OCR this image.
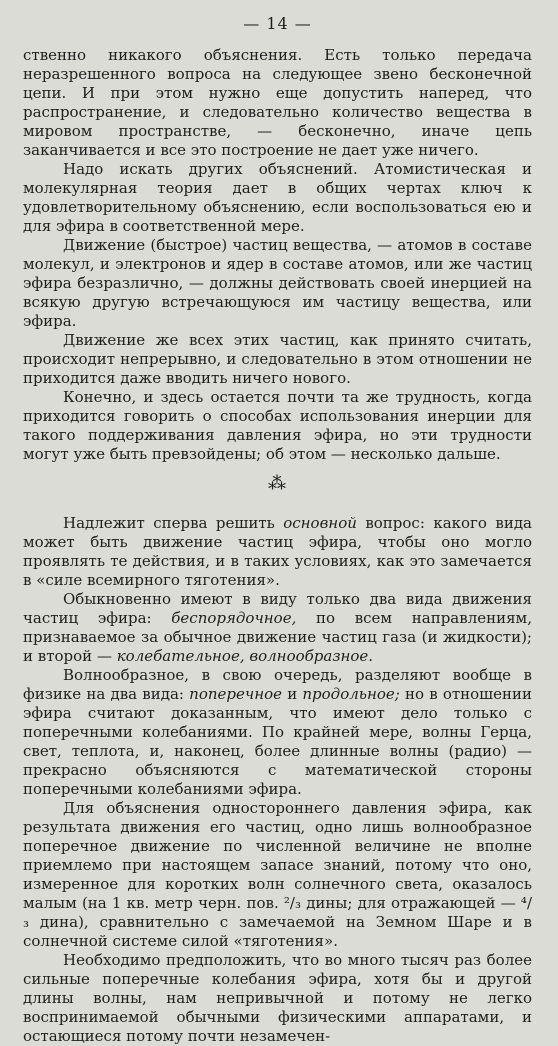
— 14 —

ственно никакого объяснения. Есть только передача неразрешенного вопроса на следующее звено бесконечной цепи. И при этом нужно еще допустить наперед, что распространение, и следовательно количество вещества в мировом пространстве, — бесконечно, иначе цепь заканчивается и все это построение не дает уже ничего.

Надо искать других объяснений. Атомистическая и молекулярная теория дает в общих чертах ключ к удовлетворительному объяснению, если воспользоваться ею и для эфира в соответственной мере.

Движение (быстрое) частиц вещества, — атомов в составе молекул, и электронов и ядер в составе атомов, или же частиц эфира безразлично, — должны действовать своей инерцией на всякую другую встречающуюся им частицу вещества, или эфира.

Движение же всех этих частиц, как принято считать, происходит непрерывно, и следовательно в этом отношении не приходится даже вводить ничего нового.

Конечно, и здесь остается почти та же трудность, когда приходится говорить о способах использования инерции для такого поддерживания давления эфира, но эти трудности могут уже быть превзойдены; об этом — несколько дальше.

⁂

Надлежит сперва решить основной вопрос: какого вида может быть движение частиц эфира, чтобы оно могло проявлять те действия, и в таких условиях, как это замечается в «силе всемирного тяготения».

Обыкновенно имеют в виду только два вида движения частиц эфира: беспорядочное, по всем направлениям, признаваемое за обычное движение частиц газа (и жидкости); и второй — колебательное, волнообразное.

Волнообразное, в свою очередь, разделяют вообще в физике на два вида: поперечное и продольное; но в отношении эфира считают доказанным, что имеют дело только с поперечными колебаниями. По крайней мере, волны Герца, свет, теплота, и, наконец, более длинные волны (радио) — прекрасно объясняются с математической стороны поперечными колебаниями эфира.

Для объяснения одностороннего давления эфира, как результата движения его частиц, одно лишь волнообразное поперечное движение по численной величине не вполне приемлемо при настоящем запасе знаний, потому что оно, измеренное для коротких волн солнечного света, оказалось малым (на 1 кв. метр черн. пов. ²/₃ дины; для отражающей — ⁴/₃ дина), сравнительно с замечаемой на Земном Шаре и в солнечной системе силой «тяготения».

Необходимо предположить, что во много тысяч раз более сильные поперечные колебания эфира, хотя бы и другой длины волны, нам непривычной и потому не легко воспринимаемой обычными физическими аппаратами, и остающиеся потому почти незамечен-
